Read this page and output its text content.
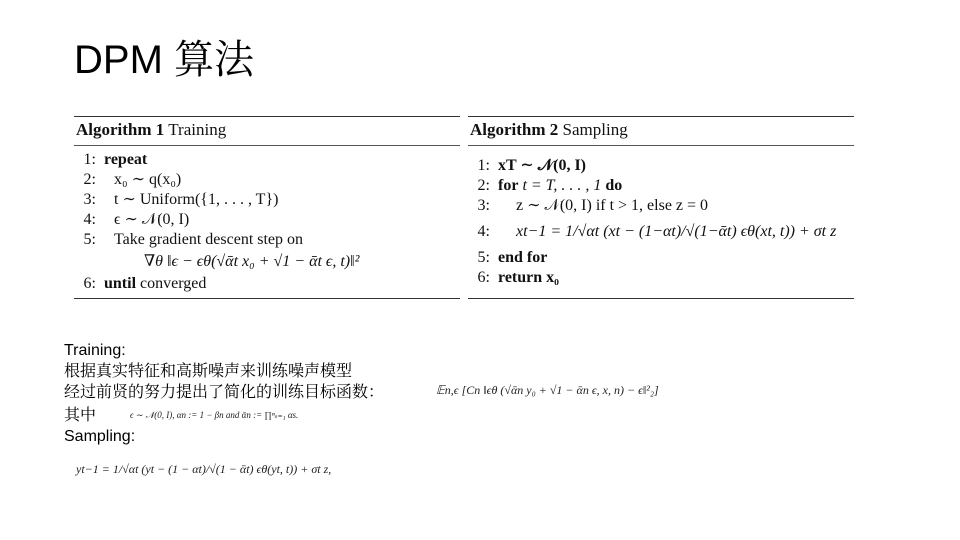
DPM 算法
Algorithm 1 Training
1: repeat
2: x₀ ∼ q(x₀)
3: t ∼ Uniform({1, . . . , T})
4: ϵ ∼ 𝒩(0, I)
5: Take gradient descent step on
∇θ ‖ϵ − ϵθ(√ᾱt x₀ + √1 − ᾱt ϵ, t)‖²
6: until converged
Algorithm 2 Sampling
1: xT ∼ 𝒩(0, I)
2: for t = T, . . . , 1 do
3: z ∼ 𝒩(0, I) if t > 1, else z = 0
4: xt−1 = 1/√αt (xt − (1−αt)/√(1−ᾱt) ϵθ(xt, t)) + σt z
5: end for
6: return x₀
Training:
根据真实特征和高斯噪声来训练噪声模型
经过前贤的努力提出了简化的训练目标函数：
其中
Sampling:
𝔼n,ϵ [Cn ‖ϵθ (√ᾱn y₀ + √1 − ᾱn ϵ, x, n) − ϵ‖²₂]
ϵ ∼ 𝒩(0, I), αn := 1 − βn and ᾱn := ∏ⁿₛ₌₁ αs.
yt−1 = 1/√αt (yt − (1 − αt)/√(1 − ᾱt) ϵθ(yt, t)) + σt z,
